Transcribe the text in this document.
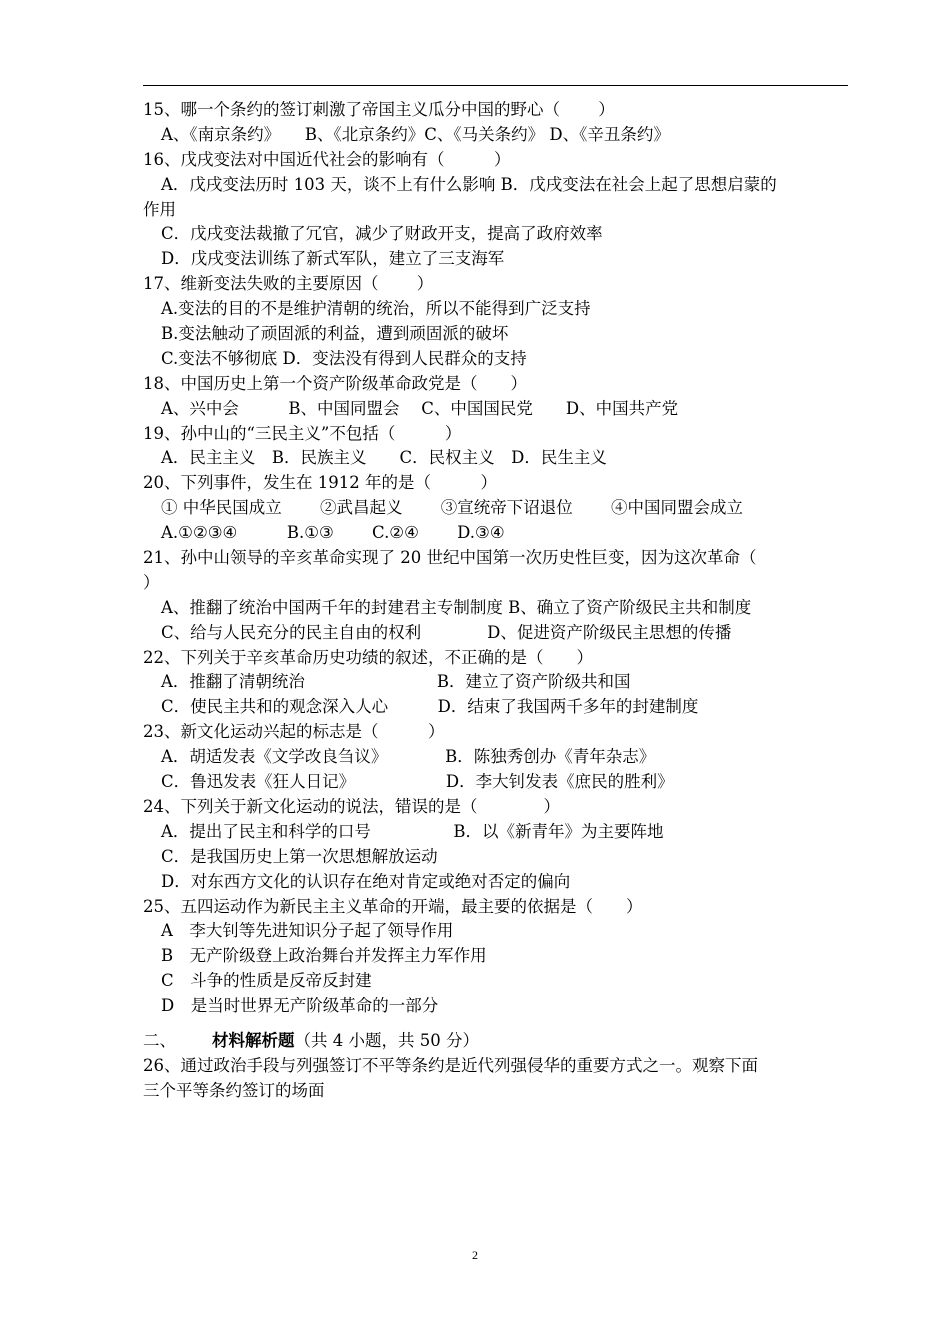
15、哪一个条约的签订刺激了帝国主义瓜分中国的野心（　　 ）
A、《南京条约》　　B、《北京条约》C、《马关条约》 D、《辛丑条约》
16、戊戌变法对中国近代社会的影响有（　　　）
A．戊戌变法历时 103 天，谈不上有什么影响 B．戊戌变法在社会上起了思想启蒙的
作用
C．戊戌变法裁撤了冗官，减少了财政开支，提高了政府效率
D．戊戌变法训练了新式军队，建立了三支海军
17、维新变法失败的主要原因（　　 ）
A.变法的目的不是维护清朝的统治，所以不能得到广泛支持
B.变法触动了顽固派的利益，遭到顽固派的破坏
C.变法不够彻底 D．变法没有得到人民群众的支持
18、中国历史上第一个资产阶级革命政党是（　　）
A、兴中会　　　B、中国同盟会　 C、中国国民党　　D、中国共产党
19、孙中山的“三民主义”不包括（　　　）
A．民主主义　B．民族主义　　C．民权主义　D．民生主义
20、下列事件，发生在 1912 年的是（　　　）
① 中华民国成立　　 ②武昌起义　　 ③宣统帝下诏退位　　 ④中国同盟会成立
A.①②③④　　　B.①③　　 C.②④　　 D.③④
21、孙中山领导的辛亥革命实现了 20 世纪中国第一次历史性巨变，因为这次革命（
）
A、推翻了统治中国两千年的封建君主专制制度 B、确立了资产阶级民主共和制度
C、给与人民充分的民主自由的权利　　　　D、促进资产阶级民主思想的传播
22、下列关于辛亥革命历史功绩的叙述，不正确的是（　　）
A．推翻了清朝统治　　　　　　　　B．建立了资产阶级共和国
C．使民主共和的观念深入人心　　　D．结束了我国两千多年的封建制度
23、新文化运动兴起的标志是（　　　）
A．胡适发表《文学改良刍议》　　　　B．陈独秀创办《青年杂志》
C．鲁迅发表《狂人日记》　　　　　　D．李大钊发表《庶民的胜利》
24、下列关于新文化运动的说法，错误的是（　　　　）
A．提出了民主和科学的口号　　　　　B．以《新青年》为主要阵地
C．是我国历史上第一次思想解放运动
D．对东西方文化的认识存在绝对肯定或绝对否定的偏向
25、五四运动作为新民主主义革命的开端，最主要的依据是（　　）
A　李大钊等先进知识分子起了领导作用
B　无产阶级登上政治舞台并发挥主力军作用
C　斗争的性质是反帝反封建
D　是当时世界无产阶级革命的一部分
二、 材料解析题（共 4 小题，共 50 分）
26、通过政治手段与列强签订不平等条约是近代列强侵华的重要方式之一。观察下面
三个平等条约签订的场面
2
